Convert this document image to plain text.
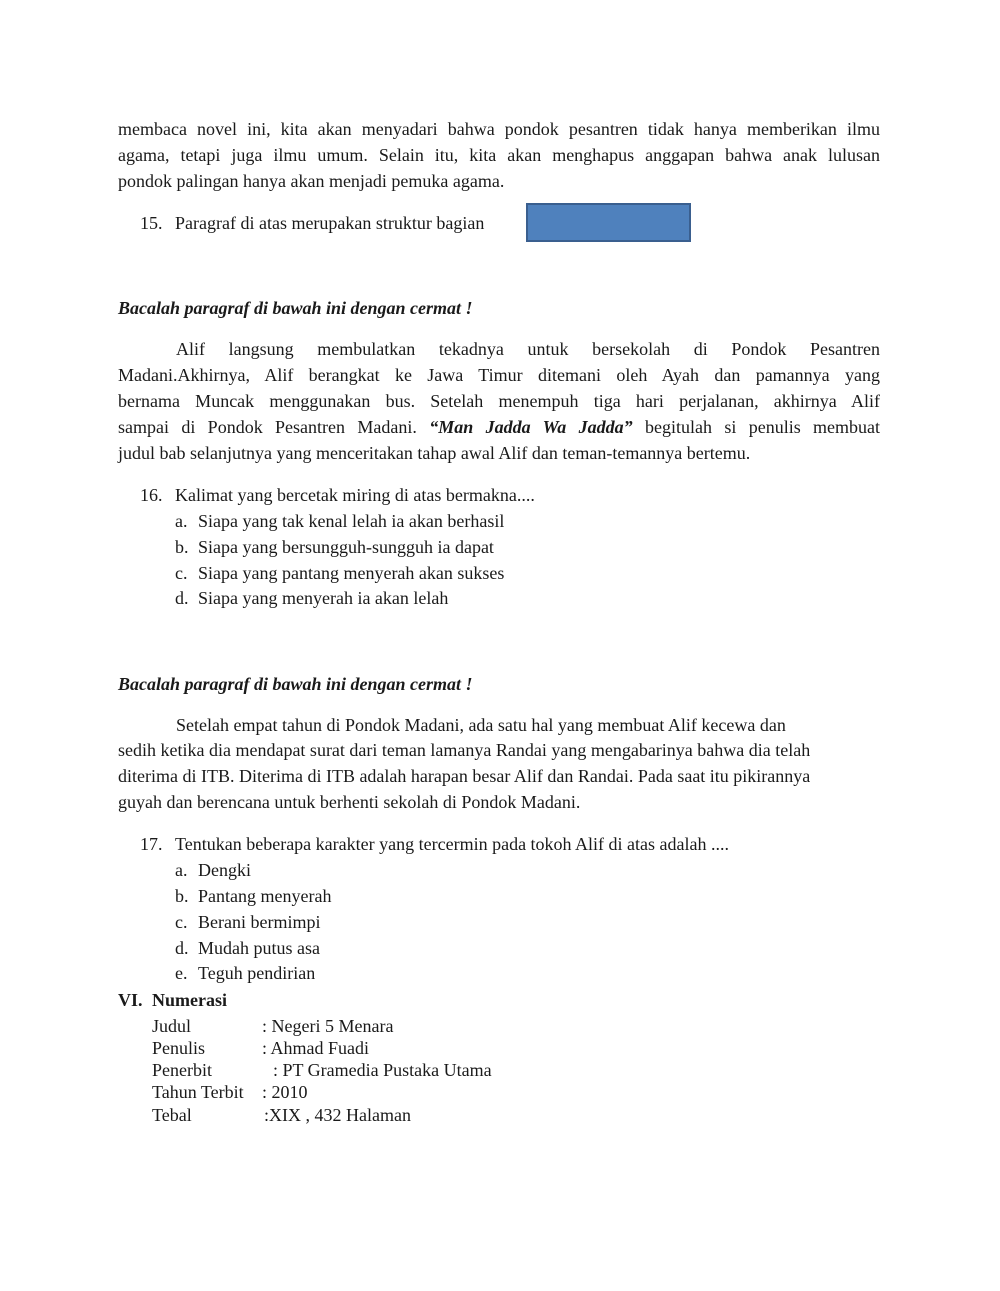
membaca novel ini, kita akan menyadari bahwa pondok pesantren tidak hanya memberikan ilmu
agama, tetapi juga ilmu umum. Selain itu, kita akan menghapus anggapan bahwa anak lulusan
pondok palingan hanya akan menjadi pemuka agama.
15. Paragraf di atas merupakan struktur bagian
Bacalah paragraf di bawah ini dengan cermat !
Alif langsung membulatkan tekadnya untuk bersekolah di Pondok Pesantren
Madani.Akhirnya, Alif berangkat ke Jawa Timur ditemani oleh Ayah dan pamannya yang
bernama Muncak menggunakan bus. Setelah menempuh tiga hari perjalanan, akhirnya Alif
sampai di Pondok Pesantren Madani. “Man Jadda Wa Jadda” begitulah si penulis membuat
judul bab selanjutnya yang menceritakan tahap awal Alif dan teman-temannya bertemu.
16. Kalimat yang bercetak miring di atas bermakna....
a. Siapa yang tak kenal lelah ia akan berhasil
b. Siapa yang bersungguh-sungguh ia dapat
c. Siapa yang pantang menyerah akan sukses
d. Siapa yang menyerah ia akan lelah
Bacalah paragraf di bawah ini dengan cermat !
Setelah empat tahun di Pondok Madani, ada satu hal yang membuat Alif kecewa dan
sedih ketika dia mendapat surat dari teman lamanya Randai yang mengabarinya bahwa dia telah
diterima di ITB. Diterima di ITB adalah harapan besar Alif dan Randai. Pada saat itu pikirannya
guyah dan berencana untuk berhenti sekolah di Pondok Madani.
17. Tentukan beberapa karakter yang tercermin pada tokoh Alif di atas adalah ....
a. Dengki
b. Pantang menyerah
c. Berani bermimpi
d. Mudah putus asa
e. Teguh pendirian
VI. Numerasi
Judul	: Negeri 5 Menara
Penulis	: Ahmad Fuadi
Penerbit	: PT Gramedia Pustaka Utama
Tahun Terbit : 2010
Tebal	:XIX , 432 Halaman
